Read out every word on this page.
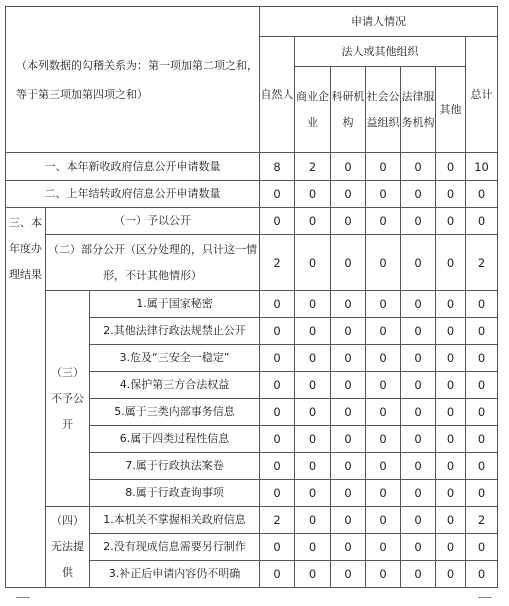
（本列数据的勾稽关系为：第一项加第二项之和，等于第三项加第四项之和）			申请人情况						

			自然人	法人或其他组织					总计

				商业企业	科研机构	社会公益组织	法律服务机构	其他	
一、本年新收政府信息公开申请数量			8	2	0	0	0	0	10
二、上年结转政府信息公开申请数量			0	0	0	0	0	0	0

三、本年度办理结果	（一）予以公开		0	0	0	0	0	0	0

	（二）部分公开（区分处理的，只计这一情形，不计其他情形）		2	0	0	0	0	0	2

	（三）不予公开	1.属于国家秘密	0	0	0	0	0	0	0
		2.其他法律行政法规禁止公开	0	0	0	0	0	0	0
		3.危及“三安全一稳定”	0	0	0	0	0	0	0
		4.保护第三方合法权益	0	0	0	0	0	0	0
		5.属于三类内部事务信息	0	0	0	0	0	0	0
		6.属于四类过程性信息	0	0	0	0	0	0	0
		7.属于行政执法案卷	0	0	0	0	0	0	0
		8.属于行政查询事项	0	0	0	0	0	0	0

	（四）无法提供	1.本机关不掌握相关政府信息	2	0	0	0	0	0	2
		2.没有现成信息需要另行制作	0	0	0	0	0	0	0
		3.补正后申请内容仍不明确	0	0	0	0	0	0	0
